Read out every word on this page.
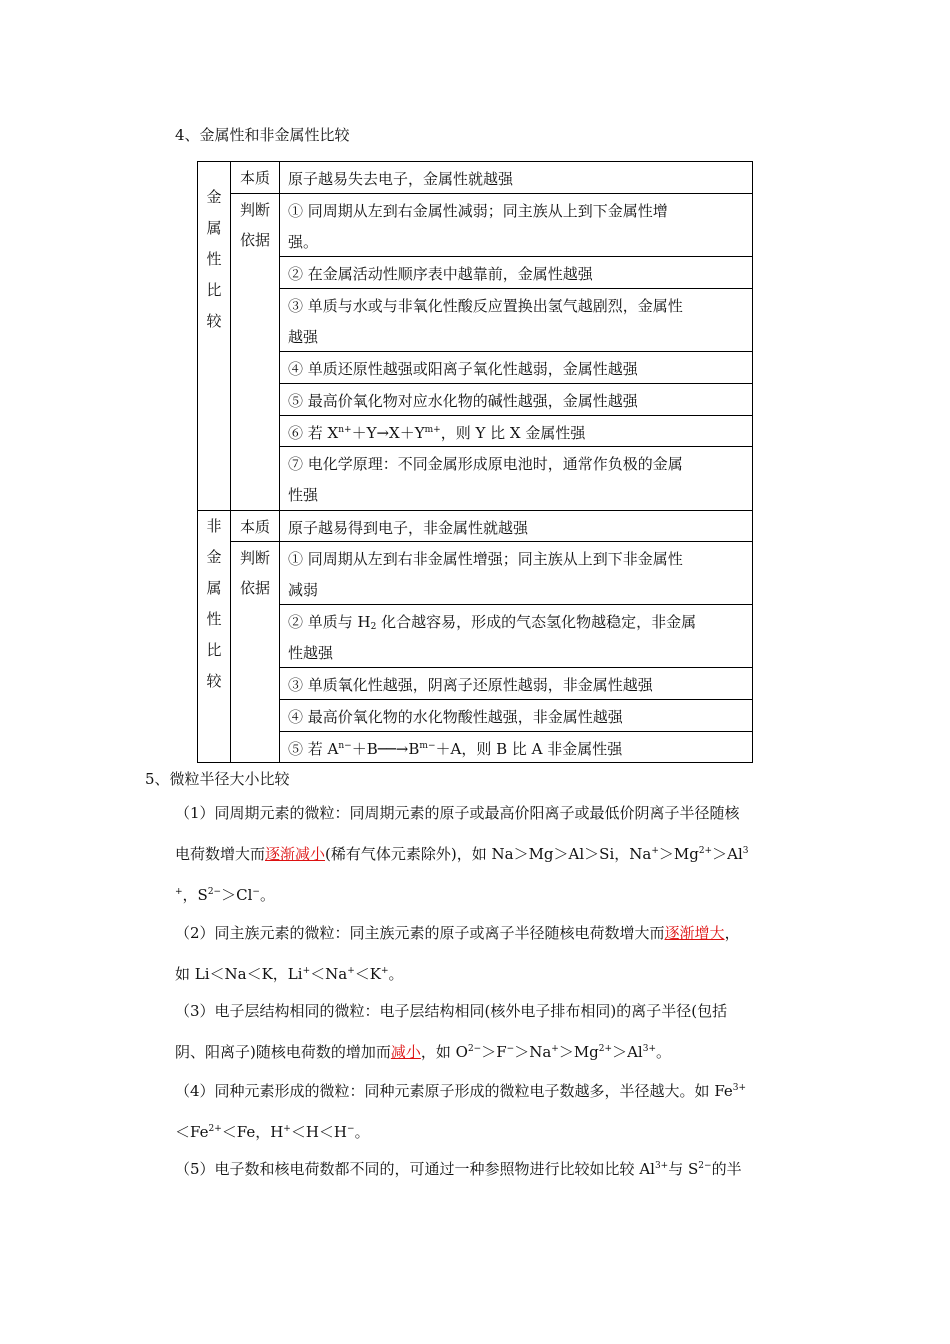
4、金属性和非金属性比较
金
属
性
比
较
本质	原子越易失去电子，金属性就越强
判断
依据
① 同周期从左到右金属性减弱；同主族从上到下金属性增
强。
② 在金属活动性顺序表中越靠前，金属性越强
③ 单质与水或与非氧化性酸反应置换出氢气越剧烈，金属性
越强
④ 单质还原性越强或阳离子氧化性越弱，金属性越强
⑤ 最高价氧化物对应水化物的碱性越强，金属性越强
⑥ 若 $X^{n+}+Y\to X+Y^{m+}$，则 Y 比 X 金属性强
⑦ 电化学原理：不同金属形成原电池时，通常作负极的金属
性强
非
金
属
性
比
较
本质	原子越易得到电子，非金属性就越强
判断
依据
① 同周期从左到右非金属性增强；同主族从上到下非金属性
减弱
② 单质与 $H_2$ 化合越容易，形成的气态氢化物越稳定，非金属
性越强
③ 单质氧化性越强，阴离子还原性越弱，非金属性越强
④ 最高价氧化物的水化物酸性越强，非金属性越强
⑤ 若 $A^{n-}+B──\to B^{m-}+A$，则 B 比 A 非金属性强
5、微粒半径大小比较
（1）同周期元素的微粒：同周期元素的原子或最高价阳离子或最低价阴离子半径随核
电荷数增大而逐渐减小(稀有气体元素除外)，如 Na＞Mg＞Al＞Si，$Na^+>Mg^{2+}>Al^3$
+，$S^{2-}>Cl^-$。
（2）同主族元素的微粒：同主族元素的原子或离子半径随核电荷数增大而逐渐增大，
如 Li＜Na＜K，Li+＜Na+＜K+。
（3）电子层结构相同的微粒：电子层结构相同(核外电子排布相同)的离子半径(包括
阴、阳离子)随核电荷数的增加而减小，如 $O^{2-}>F^->Na^+>Mg^{2+}>Al^{3+}$。
（4）同种元素形成的微粒：同种元素原子形成的微粒电子数越多，半径越大。如 $Fe^{3+}$
$<Fe^{2+}<Fe$，H+＜H＜H−。
（5）电子数和核电荷数都不同的，可通过一种参照物进行比较如比较 $Al^{3+}$与 $S^{2-}$的半
